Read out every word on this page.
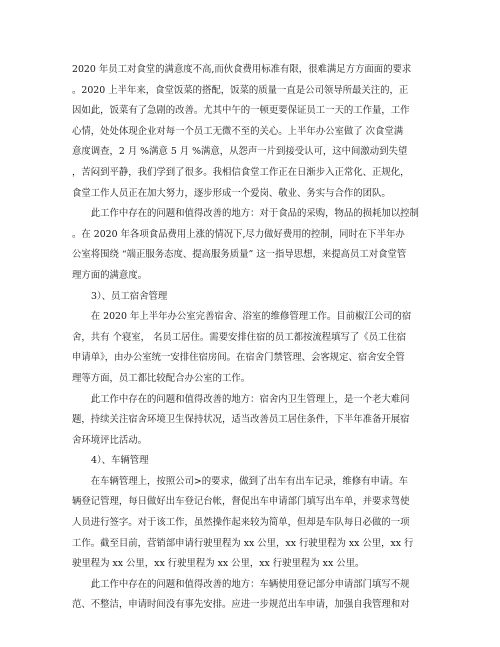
2020 年员工对食堂的满意度不高,而伙食费用标准有限，很难满足方方面面的要求

。2020 上半年来，食堂饭菜的搭配，饭菜的质量一直是公司领导所最关注的，正

因如此，饭菜有了急剧的改善。尤其中午的一顿更要保证员工一天的工作量，工作

心情，处处体现企业对每一个员工无微不至的关心。上半年办公室做了 次食堂满

意度调查，2 月 %满意 5 月 %满意，从怨声一片到接受认可，这中间激动到失望

，苦闷到平静，我们学到了很多。我相信食堂工作正在日渐步入正常化、正规化，

食堂工作人员正在加大努力，逐步形成一个爱岗、敬业、务实与合作的团队。

　　此工作中存在的问题和值得改善的地方：对于食品的采购，物品的损耗加以控制

。在 2020 年各项食品费用上涨的情况下,尽力做好费用的控制，同时在下半年办

公室将围绕 “端正服务态度、提高服务质量” 这一指导思想，来提高员工对食堂管

理方面的满意度。

3）、员工宿舍管理

　　在 2020 年上半年办公室完善宿舍、浴室的维修管理工作。目前椒江公司的宿

舍，共有 个寝室， 名员工居住。需要安排住宿的员工都按流程填写了《员工住宿

申请单》，由办公室统一安排住宿房间。在宿舍门禁管理、会客规定、宿舍安全管

理等方面，员工都比较配合办公室的工作。

　　此工作中存在的问题和值得改善的地方：宿舍内卫生管理上，是一个老大难问

题，持续关注宿舍环境卫生保持状况，适当改善员工居住条件，下半年准备开展宿

舍环境评比活动。

4）、车辆管理

　　在车辆管理上，按照公司>的要求，做到了出车有出车记录，维修有申请。车

辆登记管理，每日做好出车登记台帐，督促出车申请部门填写出车单，并要求驾使

人员进行签字。对于该工作，虽然操作起来较为简单，但却是车队每日必做的一项

工作。截至目前，营销部申请行驶里程为 xx 公里，xx 行驶里程为 xx 公里，xx 行

驶里程为 xx 公里，xx 行驶里程为 xx 公里，xx 行驶里程为 xx 公里。

　　此工作中存在的问题和值得改善的地方：车辆使用登记部分申请部门填写不规

范、不整洁，申请时间没有事先安排。应进一步规范出车申请，加强自我管理和对
